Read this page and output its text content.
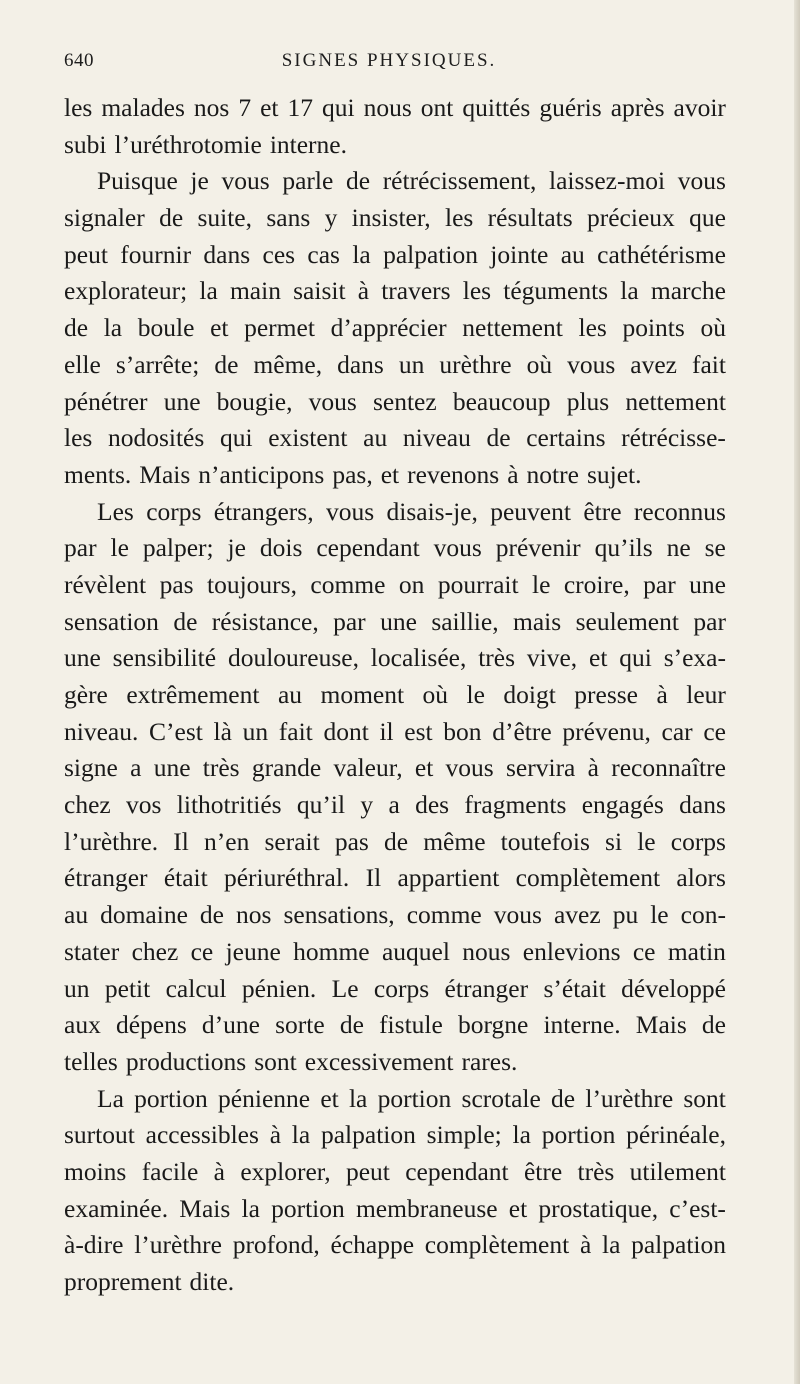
640	SIGNES PHYSIQUES.
les malades nos 7 et 17 qui nous ont quittés guéris après avoir
subi l’uréthrotomie interne.
Puisque je vous parle de rétrécissement, laissez-moi vous
signaler de suite, sans y insister, les résultats précieux que
peut fournir dans ces cas la palpation jointe au cathétérisme
explorateur; la main saisit à travers les téguments la marche
de la boule et permet d’apprécier nettement les points où
elle s’arrête; de même, dans un urèthre où vous avez fait
pénétrer une bougie, vous sentez beaucoup plus nettement
les nodosités qui existent au niveau de certains rétrécisse-
ments. Mais n’anticipons pas, et revenons à notre sujet.
Les corps étrangers, vous disais-je, peuvent être reconnus
par le palper; je dois cependant vous prévenir qu’ils ne se
révèlent pas toujours, comme on pourrait le croire, par une
sensation de résistance, par une saillie, mais seulement par
une sensibilité douloureuse, localisée, très vive, et qui s’exa-
gère extrêmement au moment où le doigt presse à leur
niveau. C’est là un fait dont il est bon d’être prévenu, car ce
signe a une très grande valeur, et vous servira à reconnaître
chez vos lithotritiés qu’il y a des fragments engagés dans
l’urèthre. Il n’en serait pas de même toutefois si le corps
étranger était périuréthral. Il appartient complètement alors
au domaine de nos sensations, comme vous avez pu le con-
stater chez ce jeune homme auquel nous enlevions ce matin
un petit calcul pénien. Le corps étranger s’était développé
aux dépens d’une sorte de fistule borgne interne. Mais de
telles productions sont excessivement rares.
La portion pénienne et la portion scrotale de l’urèthre sont
surtout accessibles à la palpation simple; la portion périnéale,
moins facile à explorer, peut cependant être très utilement
examinée. Mais la portion membraneuse et prostatique, c’est-
à-dire l’urèthre profond, échappe complètement à la palpation
proprement dite.
